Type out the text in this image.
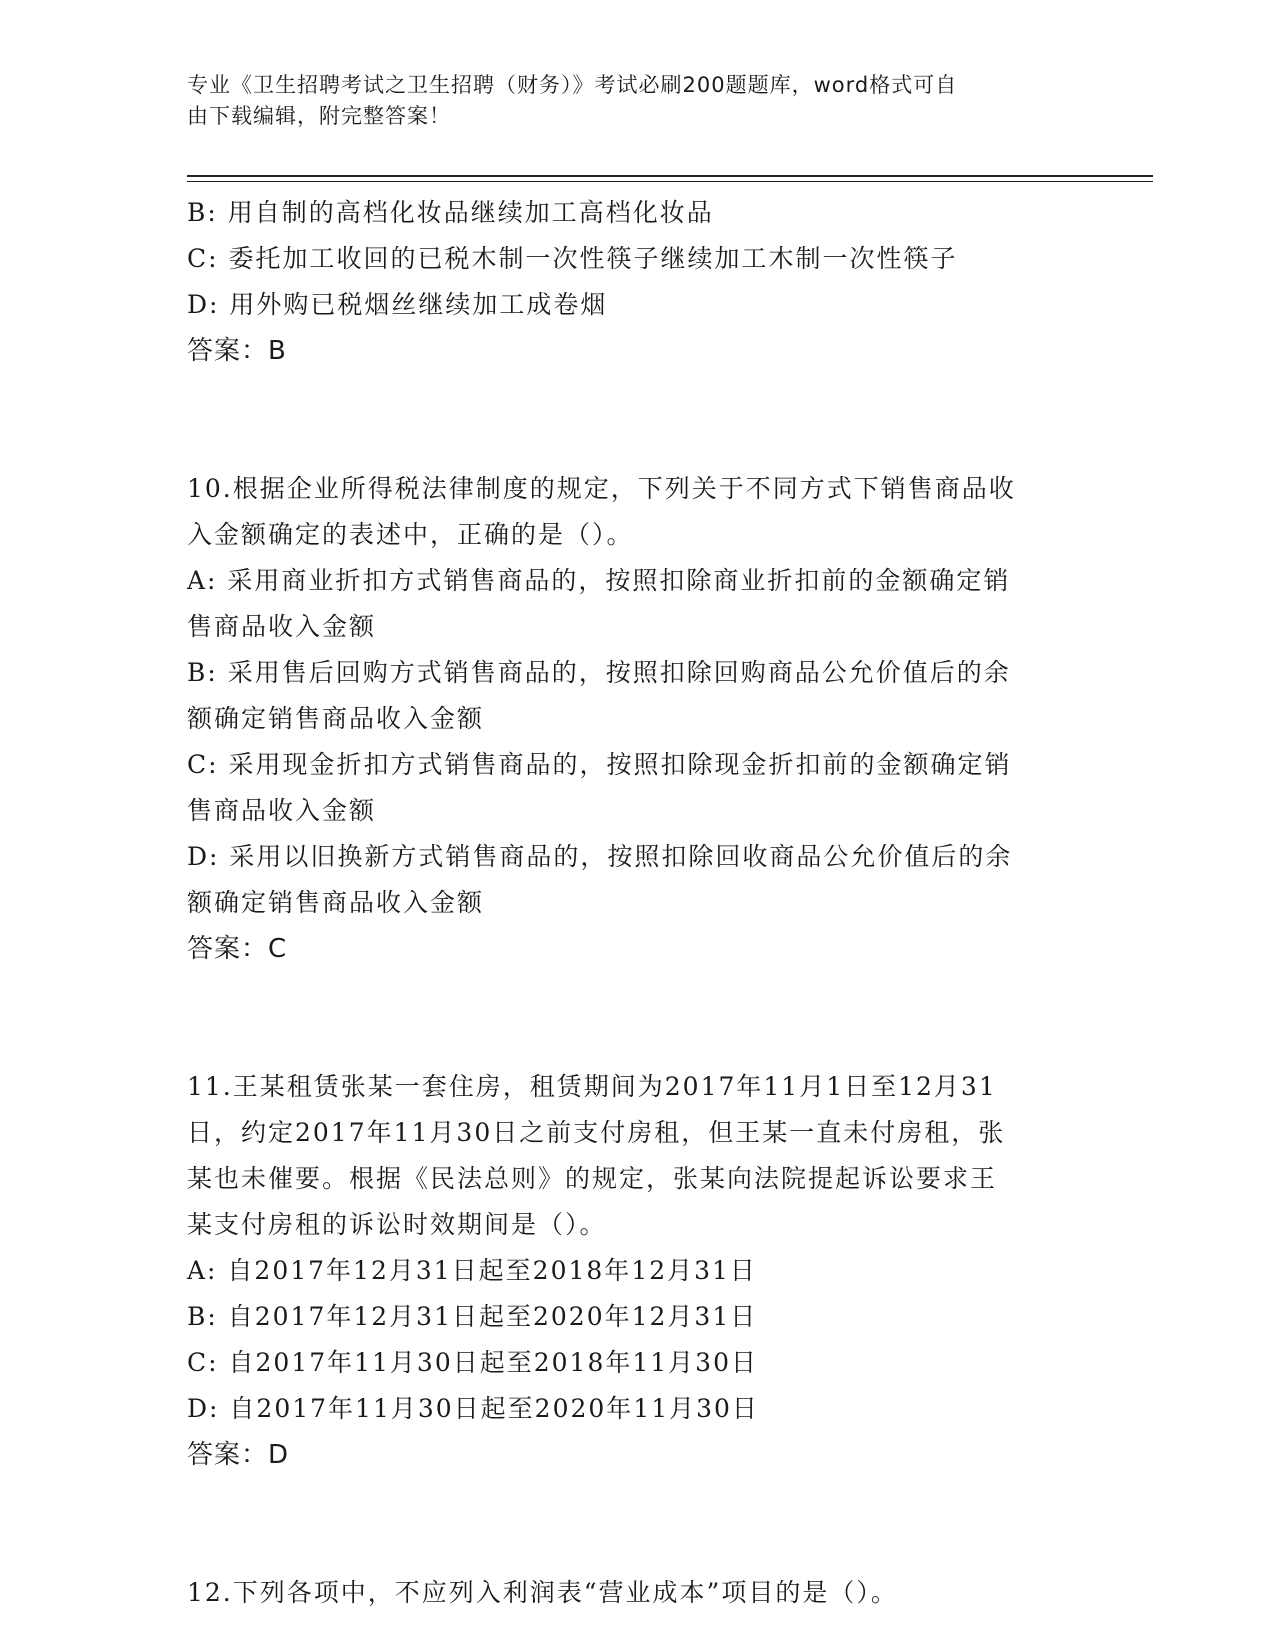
专业《卫生招聘考试之卫生招聘（财务）》考试必刷200题题库，word格式可自
由下载编辑，附完整答案！
B: 用自制的高档化妆品继续加工高档化妆品
C: 委托加工收回的已税木制一次性筷子继续加工木制一次性筷子
D: 用外购已税烟丝继续加工成卷烟
答案：B
10.根据企业所得税法律制度的规定，下列关于不同方式下销售商品收
入金额确定的表述中，正确的是（）。
A: 采用商业折扣方式销售商品的，按照扣除商业折扣前的金额确定销
售商品收入金额
B: 采用售后回购方式销售商品的，按照扣除回购商品公允价值后的余
额确定销售商品收入金额
C: 采用现金折扣方式销售商品的，按照扣除现金折扣前的金额确定销
售商品收入金额
D: 采用以旧换新方式销售商品的，按照扣除回收商品公允价值后的余
额确定销售商品收入金额
答案：C
11.王某租赁张某一套住房，租赁期间为2017年11月1日至12月31
日，约定2017年11月30日之前支付房租，但王某一直未付房租，张
某也未催要。根据《民法总则》的规定，张某向法院提起诉讼要求王
某支付房租的诉讼时效期间是（）。
A: 自2017年12月31日起至2018年12月31日
B: 自2017年12月31日起至2020年12月31日
C: 自2017年11月30日起至2018年11月30日
D: 自2017年11月30日起至2020年11月30日
答案：D
12.下列各项中，不应列入利润表“营业成本”项目的是（）。
